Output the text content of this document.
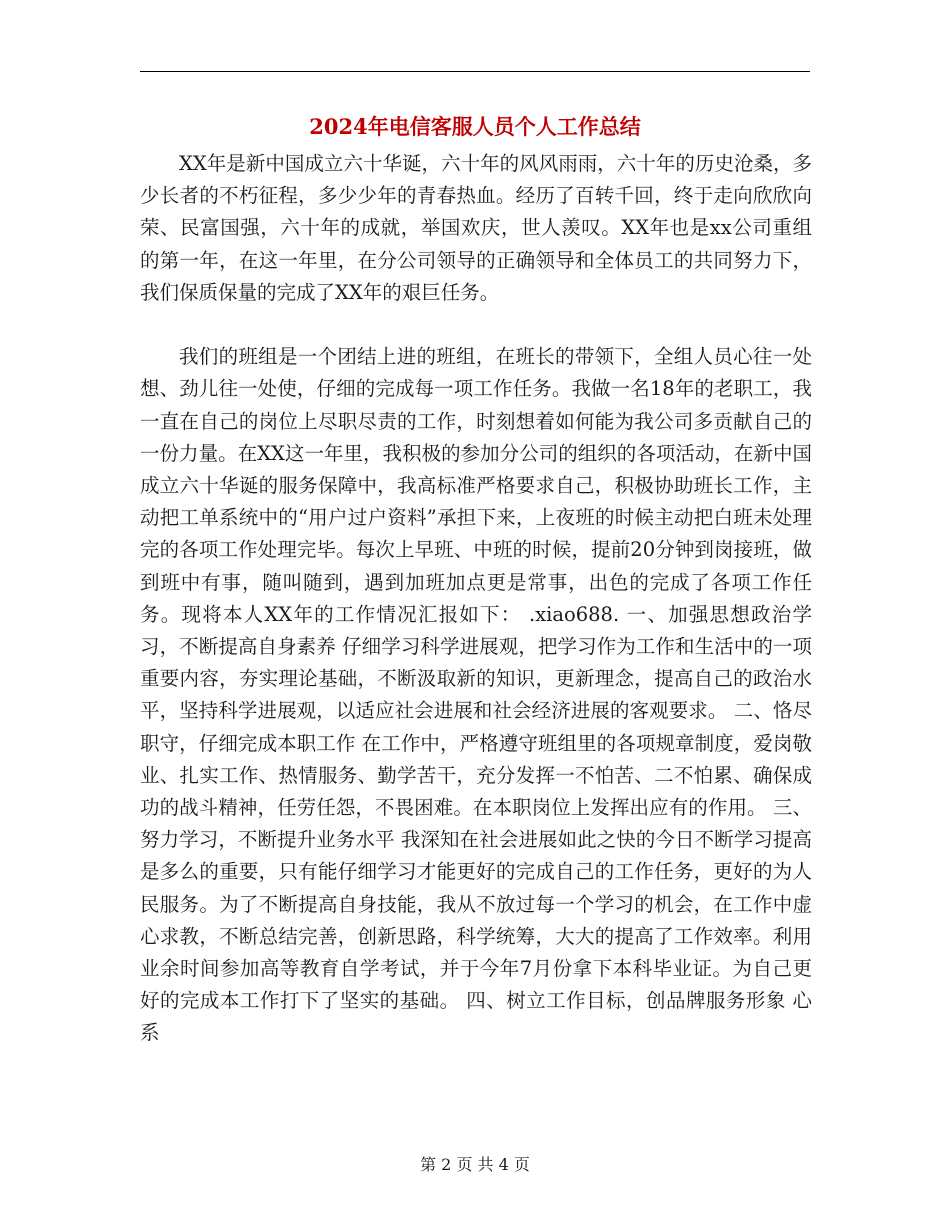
2024年电信客服人员个人工作总结

XX年是新中国成立六十华诞，六十年的风风雨雨，六十年的历史沧桑，多少长者的不朽征程，多少少年的青春热血。经历了百转千回，终于走向欣欣向荣、民富国强，六十年的成就，举国欢庆，世人羡叹。XX年也是xx公司重组的第一年，在这一年里，在分公司领导的正确领导和全体员工的共同努力下，我们保质保量的完成了XX年的艰巨任务。

我们的班组是一个团结上进的班组，在班长的带领下，全组人员心往一处想、劲儿往一处使，仔细的完成每一项工作任务。我做一名18年的老职工，我一直在自己的岗位上尽职尽责的工作，时刻想着如何能为我公司多贡献自己的一份力量。在XX这一年里，我积极的参加分公司的组织的各项活动，在新中国成立六十华诞的服务保障中，我高标准严格要求自己，积极协助班长工作，主动把工单系统中的“用户过户资料”承担下来，上夜班的时候主动把白班未处理完的各项工作处理完毕。每次上早班、中班的时候，提前20分钟到岗接班，做到班中有事，随叫随到，遇到加班加点更是常事，出色的完成了各项工作任务。现将本人XX年的工作情况汇报如下： .xiao688. 一、加强思想政治学习，不断提高自身素养 仔细学习科学进展观，把学习作为工作和生活中的一项重要内容，夯实理论基础，不断汲取新的知识，更新理念，提高自己的政治水平，坚持科学进展观，以适应社会进展和社会经济进展的客观要求。 二、恪尽职守，仔细完成本职工作 在工作中，严格遵守班组里的各项规章制度，爱岗敬业、扎实工作、热情服务、勤学苦干，充分发挥一不怕苦、二不怕累、确保成功的战斗精神，任劳任怨，不畏困难。在本职岗位上发挥出应有的作用。 三、努力学习，不断提升业务水平 我深知在社会进展如此之快的今日不断学习提高是多么的重要，只有能仔细学习才能更好的完成自己的工作任务，更好的为人民服务。为了不断提高自身技能，我从不放过每一个学习的机会，在工作中虚心求教，不断总结完善，创新思路，科学统筹，大大的提高了工作效率。利用业余时间参加高等教育自学考试，并于今年7月份拿下本科毕业证。为自己更好的完成本工作打下了坚实的基础。 四、树立工作目标，创品牌服务形象 心系

第 2 页 共 4 页
